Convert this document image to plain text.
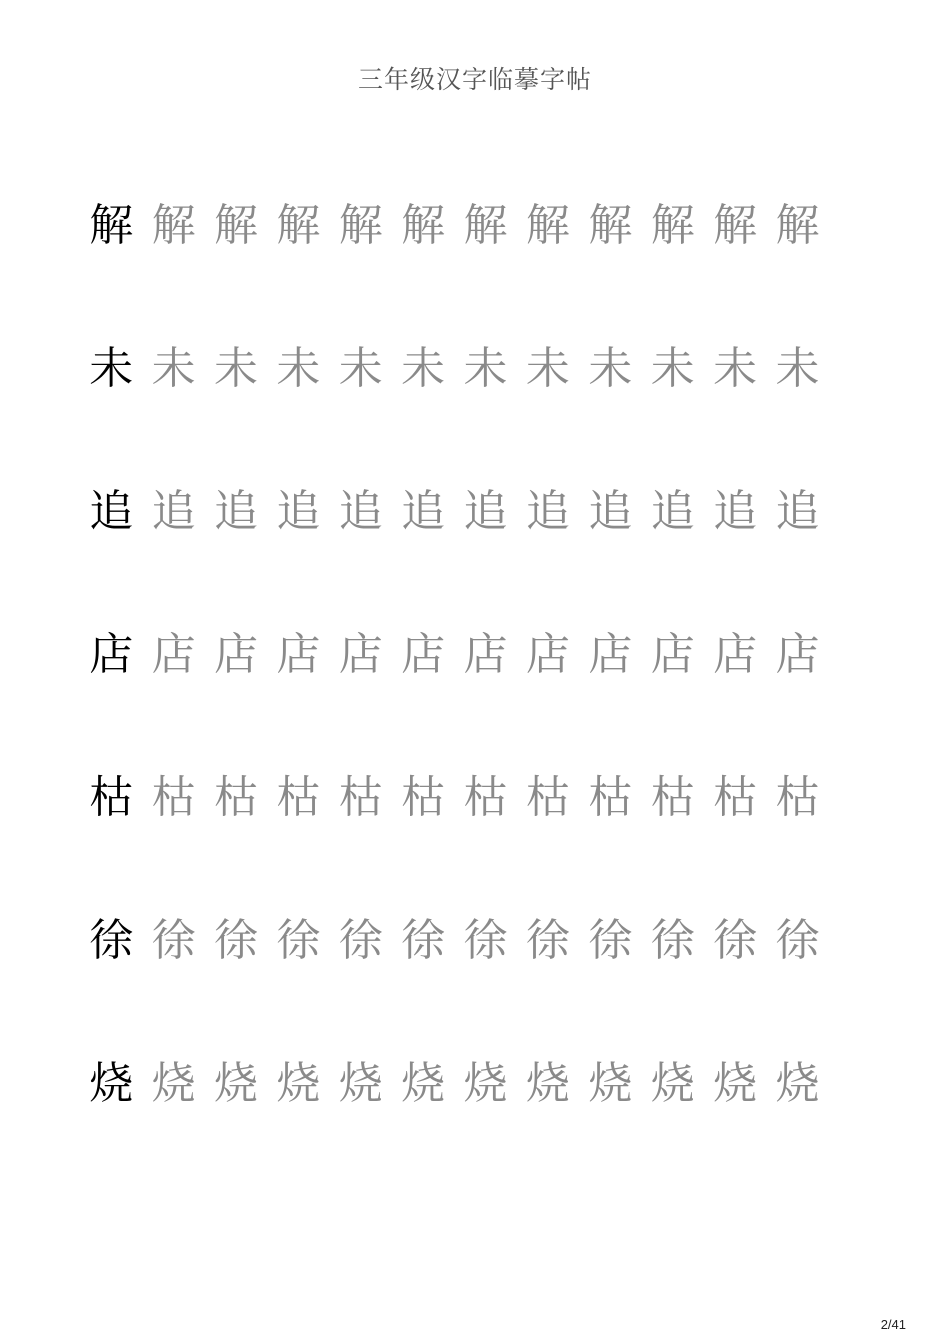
三年级汉字临摹字帖
解 解 解 解 解 解 解 解 解 解 解 解
未 未 未 未 未 未 未 未 未 未 未 未
追 追 追 追 追 追 追 追 追 追 追 追
店 店 店 店 店 店 店 店 店 店 店 店
枯 枯 枯 枯 枯 枯 枯 枯 枯 枯 枯 枯
徐 徐 徐 徐 徐 徐 徐 徐 徐 徐 徐 徐
烧 烧 烧 烧 烧 烧 烧 烧 烧 烧 烧 烧
2/41
